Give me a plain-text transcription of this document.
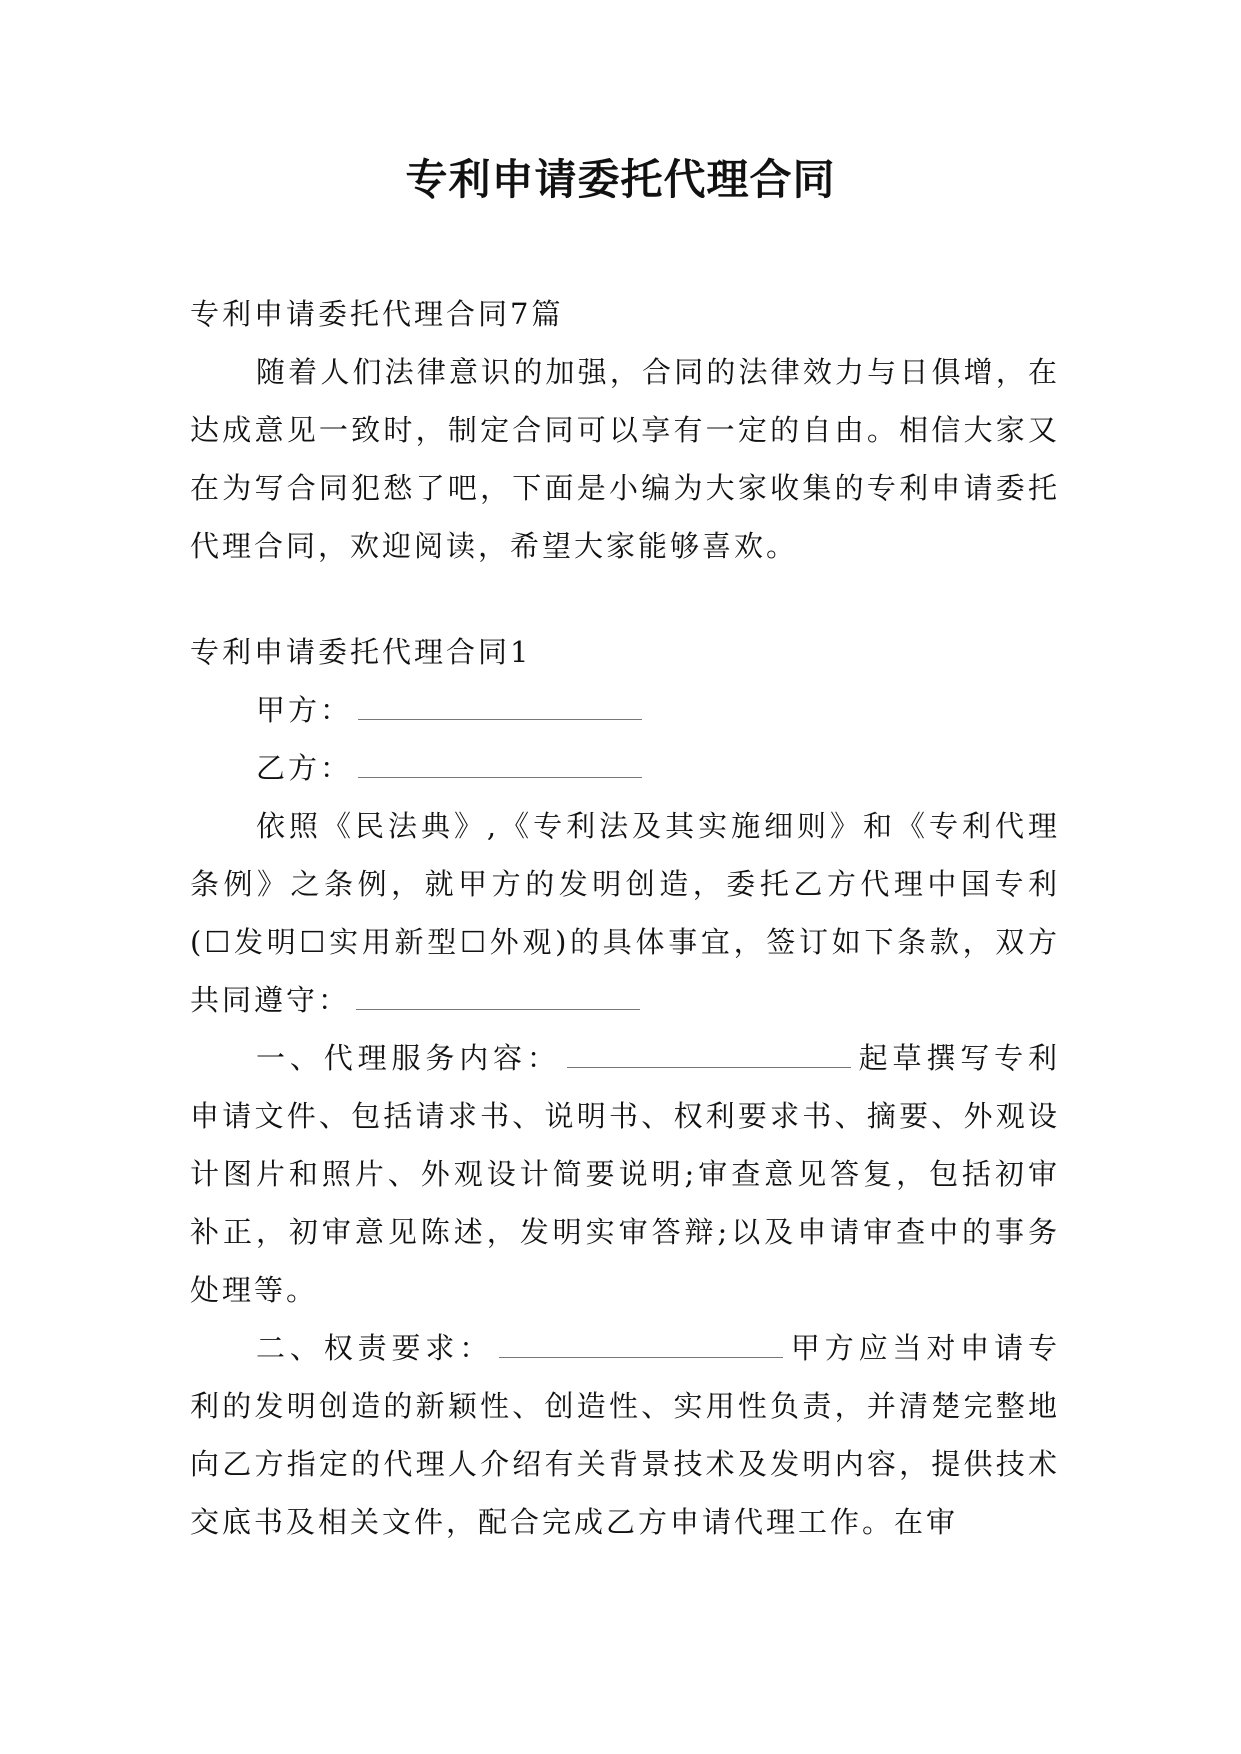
专利申请委托代理合同

专利申请委托代理合同7篇

随着人们法律意识的加强，合同的法律效力与日俱增，在达成意见一致时，制定合同可以享有一定的自由。相信大家又在为写合同犯愁了吧，下面是小编为大家收集的专利申请委托代理合同，欢迎阅读，希望大家能够喜欢。

专利申请委托代理合同1

甲方：

乙方：

依照《民法典》,《专利法及其实施细则》和《专利代理条例》之条例，就甲方的发明创造，委托乙方代理中国专利(☐发明☐实用新型☐外观)的具体事宜，签订如下条款，双方共同遵守：

一、代理服务内容：	起草撰写专利申请文件、包括请求书、说明书、权利要求书、摘要、外观设计图片和照片、外观设计简要说明;审查意见答复，包括初审补正，初审意见陈述，发明实审答辩;以及申请审查中的事务处理等。

二、权责要求：	甲方应当对申请专利的发明创造的新颖性、创造性、实用性负责，并清楚完整地向乙方指定的代理人介绍有关背景技术及发明内容，提供技术交底书及相关文件，配合完成乙方申请代理工作。在审
